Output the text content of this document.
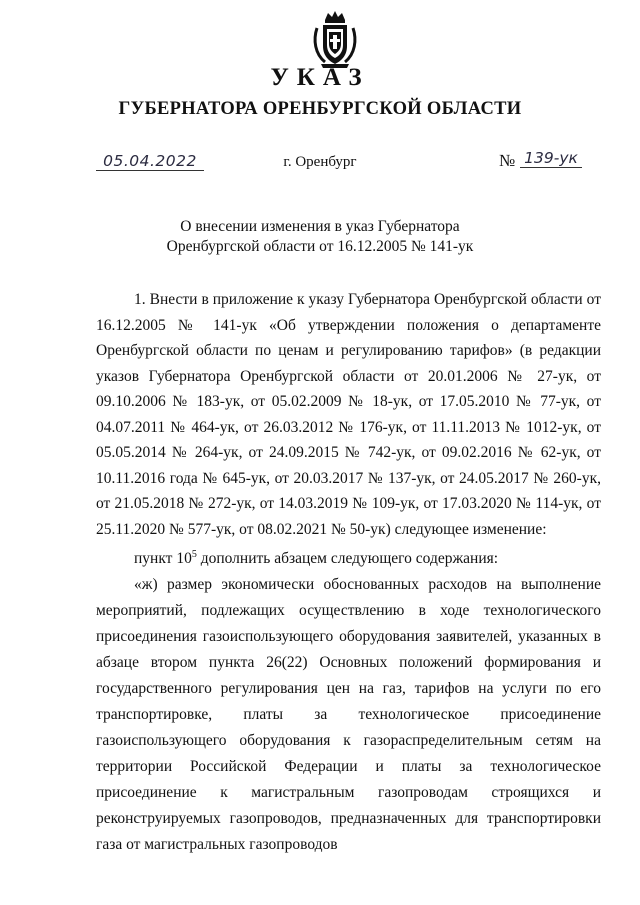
УКАЗ
ГУБЕРНАТОРА ОРЕНБУРГСКОЙ ОБЛАСТИ
05.04.2022	г. Оренбург	№ 139-ук
О внесении изменения в указ Губернатора
Оренбургской области от 16.12.2005 № 141-ук

1. Внести в приложение к указу Губернатора Оренбургской области от 16.12.2005 № 141-ук «Об утверждении положения о департаменте Оренбургской области по ценам и регулированию тарифов» (в редакции указов Губернатора Оренбургской области от 20.01.2006 № 27-ук, от 09.10.2006 № 183-ук, от 05.02.2009 № 18-ук, от 17.05.2010 № 77-ук, от 04.07.2011 № 464-ук, от 26.03.2012 № 176-ук, от 11.11.2013 № 1012-ук, от 05.05.2014 № 264-ук, от 24.09.2015 № 742-ук, от 09.02.2016 № 62-ук, от 10.11.2016 года № 645-ук, от 20.03.2017 № 137-ук, от 24.05.2017 № 260-ук, от 21.05.2018 № 272-ук, от 14.03.2019 № 109-ук, от 17.03.2020 № 114-ук, от 25.11.2020 № 577-ук, от 08.02.2021 № 50-ук) следующее изменение:

пункт $10^5$ дополнить абзацем следующего содержания:

«ж) размер экономически обоснованных расходов на выполнение мероприятий, подлежащих осуществлению в ходе технологического присоединения газоиспользующего оборудования заявителей, указанных в абзаце втором пункта 26(22) Основных положений формирования и государственного регулирования цен на газ, тарифов на услуги по его транспортировке, платы за технологическое присоединение газоиспользующего оборудования к газораспределительным сетям на территории Российской Федерации и платы за технологическое присоединение к магистральным газопроводам строящихся и реконструируемых газопроводов, предназначенных для транспортировки газа от магистральных газопроводов
